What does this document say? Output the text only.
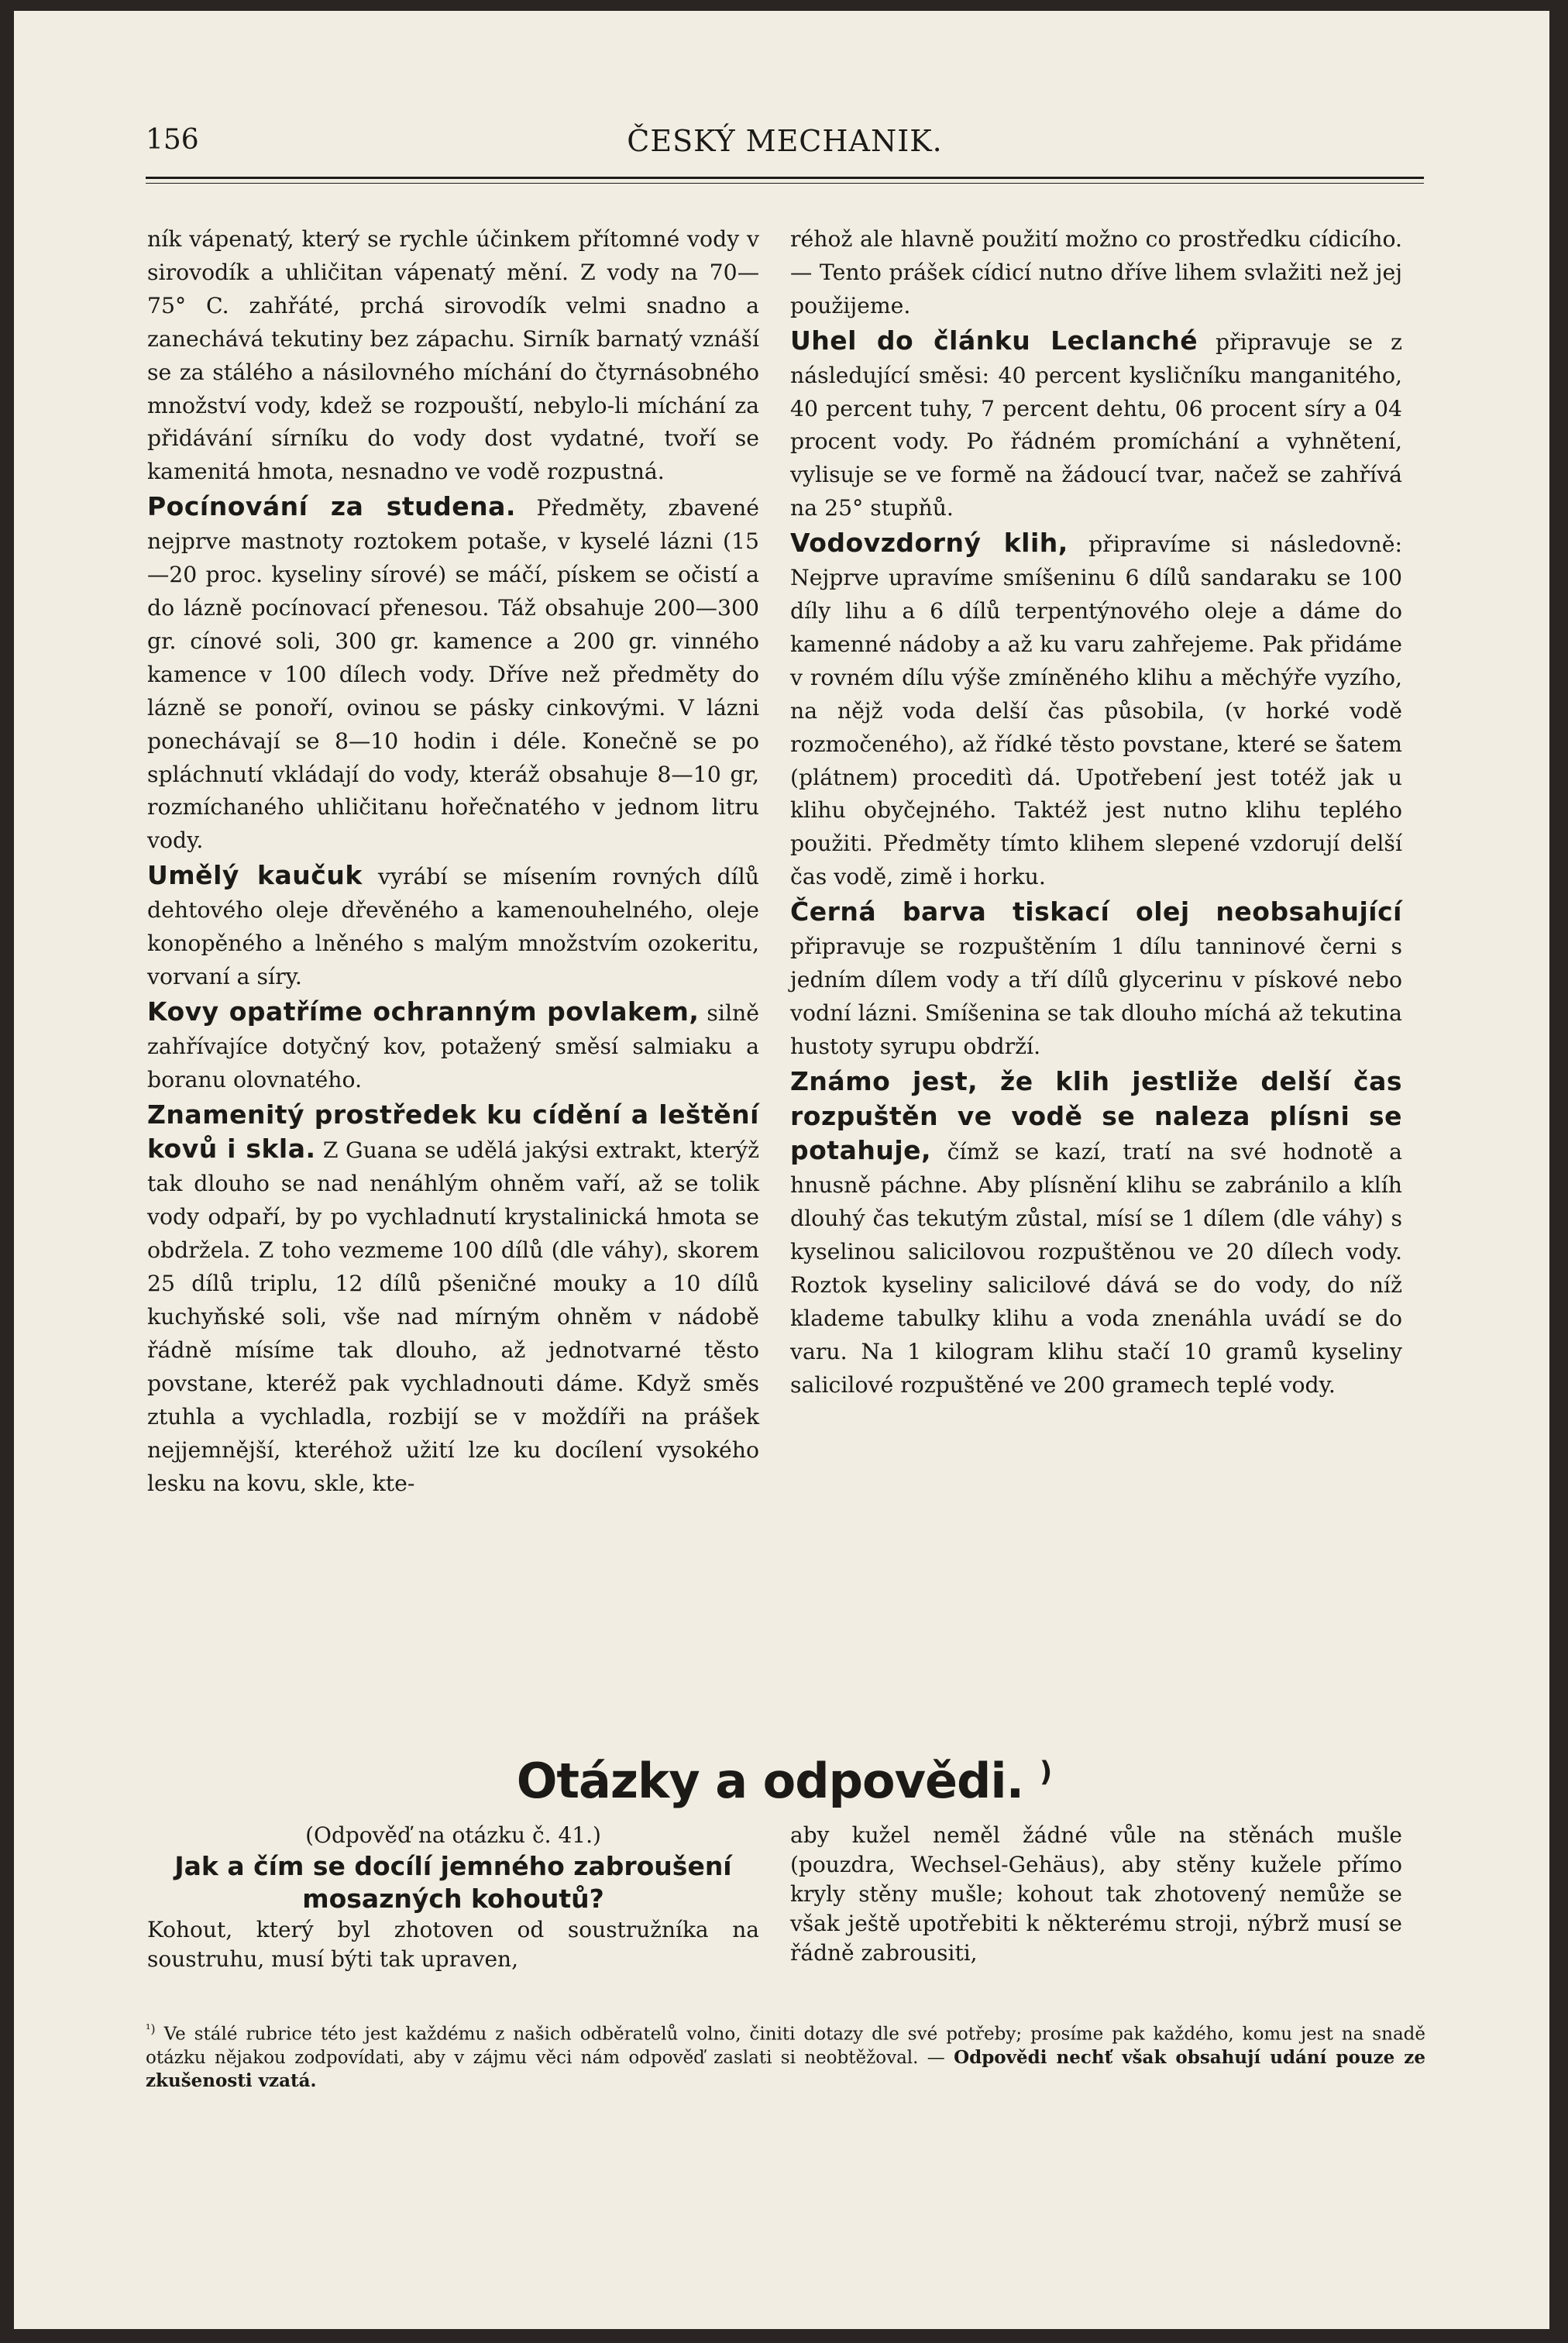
156	ČESKÝ MECHANIK.

ník vápenatý, který se rychle účinkem přítomné vody v sirovodík a uhličitan vápenatý mění. Z vody na 70—75° C. zahřáté, prchá sirovodík velmi snadno a zanechává tekutiny bez zápachu. Sirník barnatý vznáší se za stálého a násilovného míchání do čtyrnásobného množství vody, kdež se rozpouští, nebylo-li míchání za přidávání sírníku do vody dost vydatné, tvoří se kamenitá hmota, nesnadno ve vodě rozpustná.

Pocínování za studena. Předměty, zbavené nejprve mastnoty roztokem potaše, v kyselé lázni (15—20 proc. kyseliny sírové) se máčí, pískem se očistí a do lázně pocínovací přenesou. Táž obsahuje 200—300 gr. cínové soli, 300 gr. kamence a 200 gr. vinného kamence v 100 dílech vody. Dříve než předměty do lázně se ponoří, ovinou se pásky cinkovými. V lázni ponechávají se 8—10 hodin i déle. Konečně se po spláchnutí vkládají do vody, kteráž obsahuje 8—10 gr, rozmíchaného uhličitanu hořečnatého v jednom litru vody.

Umělý kaučuk vyrábí se mísením rovných dílů dehtového oleje dřevěného a kamenouhelného, oleje konopěného a lněného s malým množstvím ozokeritu, vorvaní a síry.

Kovy opatříme ochranným povlakem, silně zahřívajíce dotyčný kov, potažený směsí salmiaku a boranu olovnatého.

Znamenitý prostředek ku cídění a leštění kovů i skla. Z Guana se udělá jakýsi extrakt, kterýž tak dlouho se nad nenáhlým ohněm vaří, až se tolik vody odpaří, by po vychladnutí krystalinická hmota se obdržela. Z toho vezmeme 100 dílů (dle váhy), skorem 25 dílů triplu, 12 dílů pšeničné mouky a 10 dílů kuchyňské soli, vše nad mírným ohněm v nádobě řádně mísíme tak dlouho, až jednotvarné těsto povstane, kteréž pak vychladnouti dáme. Když směs ztuhla a vychladla, rozbijí se v moždíři na prášek nejjemnější, kteréhož užití lze ku docílení vysokého lesku na kovu, skle, kte-

réhož ale hlavně použití možno co prostředku cídicího. — Tento prášek cídicí nutno dříve lihem svlažiti než jej použijeme.

Uhel do článku Leclanché připravuje se z následující směsi: 40 percent kysličníku manganitého, 40 percent tuhy, 7 percent dehtu, 06 procent síry a 04 procent vody. Po řádném promíchání a vyhnětení, vylisuje se ve formě na žádoucí tvar, načež se zahřívá na 25° stupňů.

Vodovzdorný klih, připravíme si následovně: Nejprve upravíme smíšeninu 6 dílů sandaraku se 100 díly lihu a 6 dílů terpentýnového oleje a dáme do kamenné nádoby a až ku varu zahřejeme. Pak přidáme v rovném dílu výše zmíněného klihu a měchýře vyzího, na nějž voda delší čas působila, (v horké vodě rozmočeného), až řídké těsto povstane, které se šatem (plátnem) proceditì dá. Upotřebení jest totéž jak u klihu obyčejného. Taktéž jest nutno klihu teplého použiti. Předměty tímto klihem slepené vzdorují delší čas vodě, zimě i horku.

Černá barva tiskací olej neobsahující připravuje se rozpuštěním 1 dílu tanninové černi s jedním dílem vody a tří dílů glycerinu v pískové nebo vodní lázni. Smíšenina se tak dlouho míchá až tekutina hustoty syrupu obdrží.

Známo jest, že klih jestliže delší čas rozpuštěn ve vodě se naleza plísni se potahuje, čímž se kazí, tratí na své hodnotě a hnusně páchne. Aby plísnění klihu se zabránilo a klíh dlouhý čas tekutým zůstal, mísí se 1 dílem (dle váhy) s kyselinou salicilovou rozpuštěnou ve 20 dílech vody. Roztok kyseliny salicilové dává se do vody, do níž klademe tabulky klihu a voda znenáhla uvádí se do varu. Na 1 kilogram klihu stačí 10 gramů kyseliny salicilové rozpuštěné ve 200 gramech teplé vody.

Otázky a odpovědi. )
(Odpověď na otázku č. 41.)
Jak a čím se docílí jemného zabroušení mosazných kohoutů?
Kohout, který byl zhotoven od soustružníka na soustruhu, musí býti tak upraven,
aby kužel neměl žádné vůle na stěnách mušle (pouzdra, Wechsel-Gehäus), aby stěny kužele přímo kryly stěny mušle; kohout tak zhotovený nemůže se však ještě upotřebiti k některému stroji, nýbrž musí se řádně zabrousiti,
$^{^1)}$ Ve stálé rubrice této jest každému z našich odběratelů volno, činiti dotazy dle své potřeby; prosíme pak každého, komu jest na snadě otázku nějakou zodpovídati, aby v zájmu věci nám odpověď zaslati si neobtěžoval. — Odpovědi nechť však obsahují udání pouze ze zkušenosti vzatá.
